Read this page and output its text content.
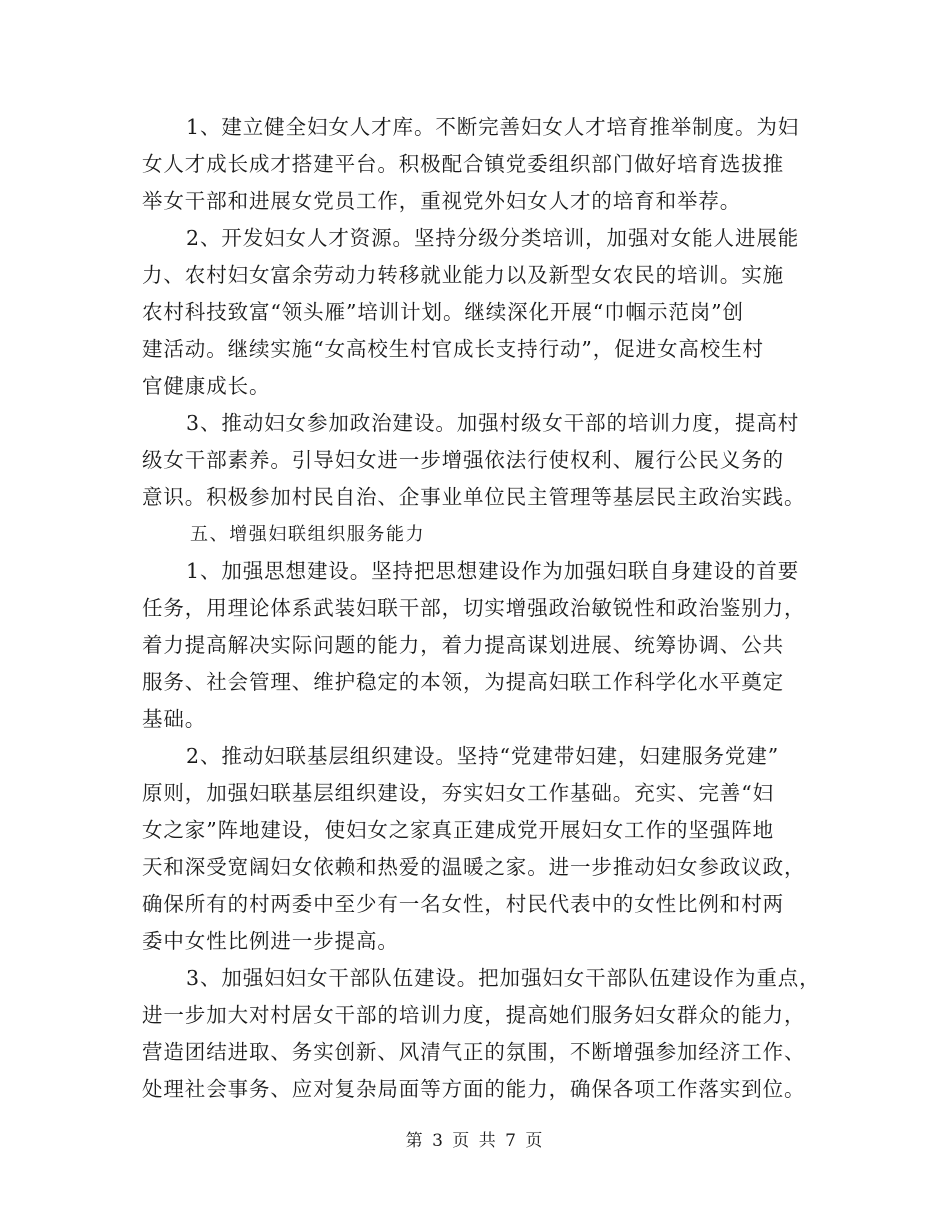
1、建立健全妇女人才库。不断完善妇女人才培育推举制度。为妇
女人才成长成才搭建平台。积极配合镇党委组织部门做好培育选拔推
举女干部和进展女党员工作，重视党外妇女人才的培育和举荐。
2、开发妇女人才资源。坚持分级分类培训，加强对女能人进展能
力、农村妇女富余劳动力转移就业能力以及新型女农民的培训。实施
农村科技致富“领头雁”培训计划。继续深化开展“巾帼示范岗”创
建活动。继续实施“女高校生村官成长支持行动”，促进女高校生村
官健康成长。
3、推动妇女参加政治建设。加强村级女干部的培训力度，提高村
级女干部素养。引导妇女进一步增强依法行使权利、履行公民义务的
意识。积极参加村民自治、企事业单位民主管理等基层民主政治实践。
五、增强妇联组织服务能力
1、加强思想建设。坚持把思想建设作为加强妇联自身建设的首要
任务，用理论体系武装妇联干部，切实增强政治敏锐性和政治鉴别力，
着力提高解决实际问题的能力，着力提高谋划进展、统筹协调、公共
服务、社会管理、维护稳定的本领，为提高妇联工作科学化水平奠定
基础。
2、推动妇联基层组织建设。坚持“党建带妇建，妇建服务党建”
原则，加强妇联基层组织建设，夯实妇女工作基础。充实、完善“妇
女之家”阵地建设，使妇女之家真正建成党开展妇女工作的坚强阵地
天和深受宽阔妇女依赖和热爱的温暖之家。进一步推动妇女参政议政，
确保所有的村两委中至少有一名女性，村民代表中的女性比例和村两
委中女性比例进一步提高。
3、加强妇妇女干部队伍建设。把加强妇女干部队伍建设作为重点，
进一步加大对村居女干部的培训力度，提高她们服务妇女群众的能力，
营造团结进取、务实创新、风清气正的氛围，不断增强参加经济工作、
处理社会事务、应对复杂局面等方面的能力，确保各项工作落实到位。
第 3 页 共 7 页
